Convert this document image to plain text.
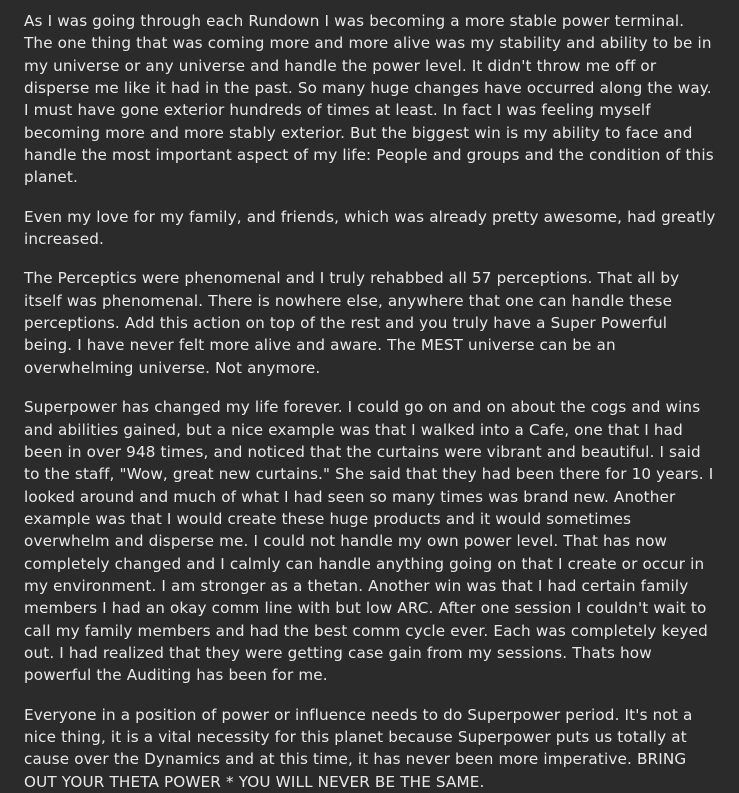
As I was going through each Rundown I was becoming a more stable power terminal. The one thing that was coming more and more alive was my stability and ability to be in my universe or any universe and handle the power level. It didn't throw me off or disperse me like it had in the past. So many huge changes have occurred along the way. I must have gone exterior hundreds of times at least. In fact I was feeling myself becoming more and more stably exterior. But the biggest win is my ability to face and handle the most important aspect of my life: People and groups and the condition of this planet.

Even my love for my family, and friends, which was already pretty awesome, had greatly increased.

The Perceptics were phenomenal and I truly rehabbed all 57 perceptions. That all by itself was phenomenal. There is nowhere else, anywhere that one can handle these perceptions. Add this action on top of the rest and you truly have a Super Powerful being. I have never felt more alive and aware. The MEST universe can be an overwhelming universe. Not anymore.

Superpower has changed my life forever. I could go on and on about the cogs and wins and abilities gained, but a nice example was that I walked into a Cafe, one that I had been in over 948 times, and noticed that the curtains were vibrant and beautiful. I said to the staff, "Wow, great new curtains." She said that they had been there for 10 years. I looked around and much of what I had seen so many times was brand new. Another example was that I would create these huge products and it would sometimes overwhelm and disperse me. I could not handle my own power level. That has now completely changed and I calmly can handle anything going on that I create or occur in my environment. I am stronger as a thetan. Another win was that I had certain family members I had an okay comm line with but low ARC. After one session I couldn't wait to call my family members and had the best comm cycle ever. Each was completely keyed out. I had realized that they were getting case gain from my sessions. Thats how powerful the Auditing has been for me.

Everyone in a position of power or influence needs to do Superpower period. It's not a nice thing, it is a vital necessity for this planet because Superpower puts us totally at cause over the Dynamics and at this time, it has never been more imperative. BRING OUT YOUR THETA POWER * YOU WILL NEVER BE THE SAME.
